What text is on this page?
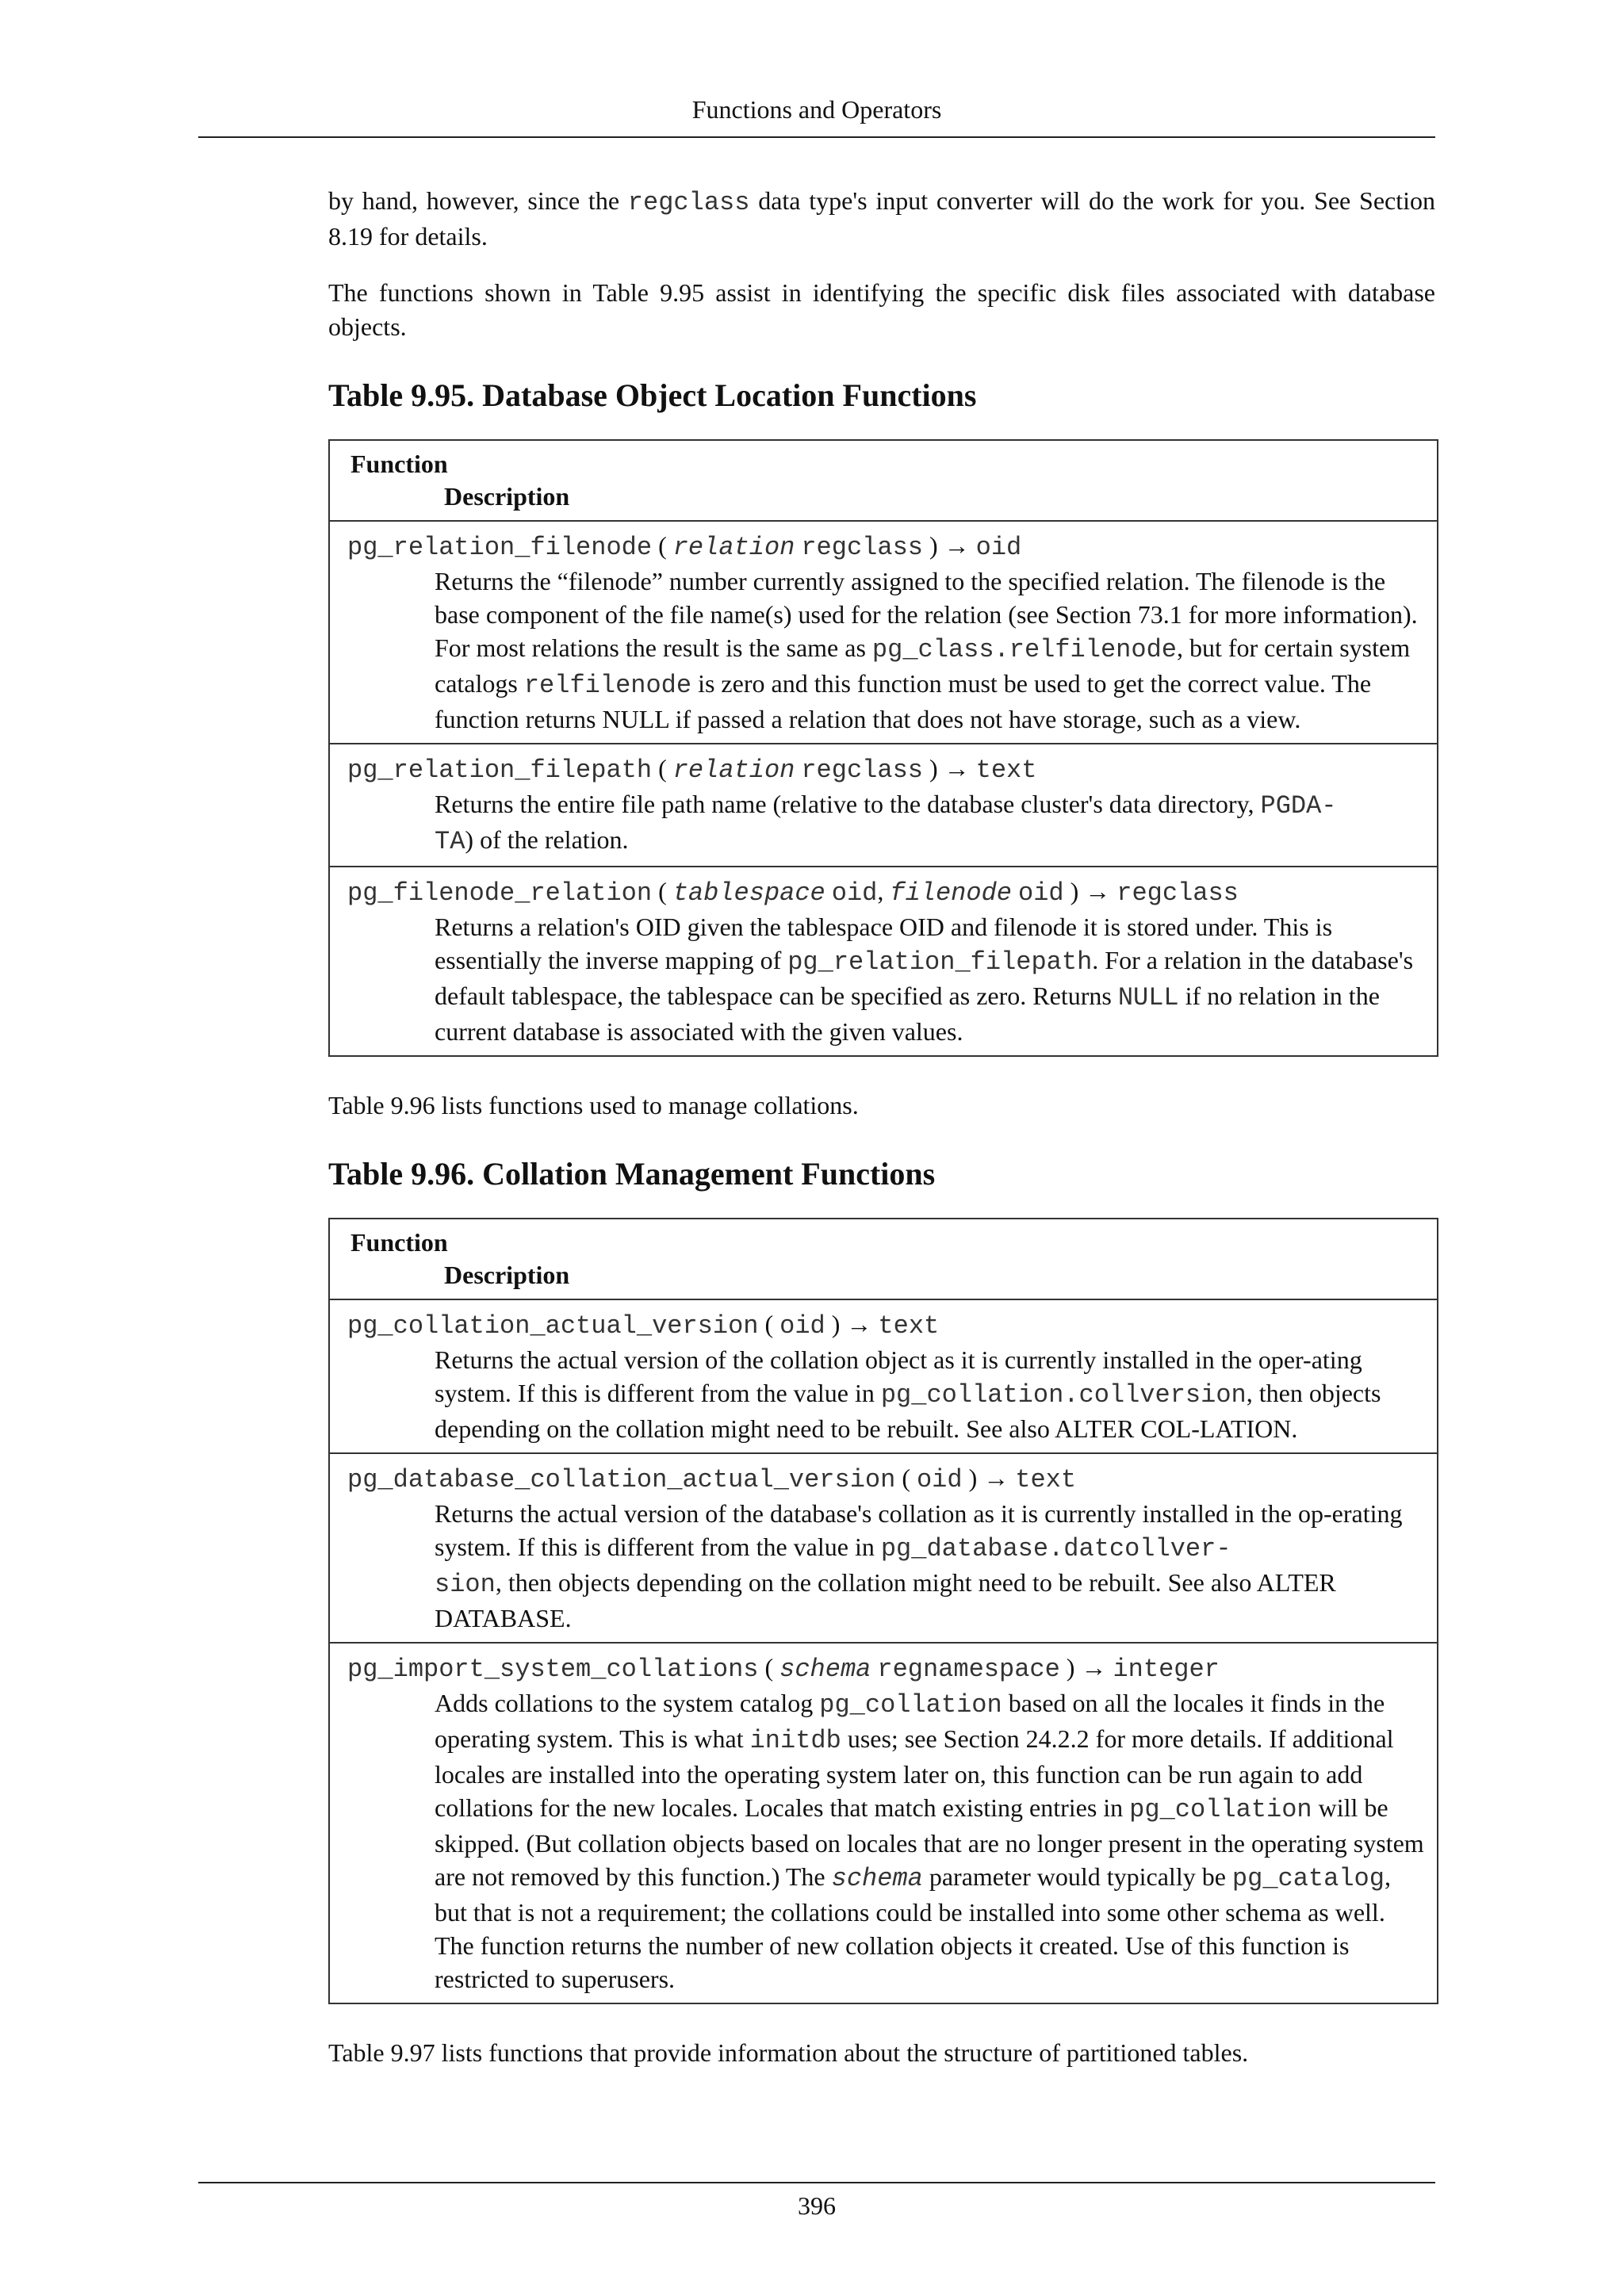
Functions and Operators

by hand, however, since the regclass data type's input converter will do the work for you. See Section 8.19 for details.

The functions shown in Table 9.95 assist in identifying the specific disk files associated with database objects.

Table 9.95. Database Object Location Functions
Function
Description

pg_relation_filenode ( relation regclass ) → oid
Returns the “filenode” number currently assigned to the specified relation. The filenode is the base component of the file name(s) used for the relation (see Section 73.1 for more information). For most relations the result is the same as pg_class.relfilenode, but for certain system catalogs relfilenode is zero and this function must be used to get the correct value. The function returns NULL if passed a relation that does not have storage, such as a view.

pg_relation_filepath ( relation regclass ) → text
Returns the entire file path name (relative to the database cluster's data directory, PGDA-
TA) of the relation.

pg_filenode_relation ( tablespace oid, filenode oid ) → regclass
Returns a relation's OID given the tablespace OID and filenode it is stored under. This is essentially the inverse mapping of pg_relation_filepath. For a relation in the database's default tablespace, the tablespace can be specified as zero. Returns NULL if no relation in the current database is associated with the given values.

Table 9.96 lists functions used to manage collations.

Table 9.96. Collation Management Functions
Function
Description

pg_collation_actual_version ( oid ) → text
Returns the actual version of the collation object as it is currently installed in the oper-ating system. If this is different from the value in pg_collation.collversion, then objects depending on the collation might need to be rebuilt. See also ALTER COL-LATION.

pg_database_collation_actual_version ( oid ) → text
Returns the actual version of the database's collation as it is currently installed in the op-erating system. If this is different from the value in pg_database.datcollver-
sion, then objects depending on the collation might need to be rebuilt. See also ALTER DATABASE.

pg_import_system_collations ( schema regnamespace ) → integer
Adds collations to the system catalog pg_collation based on all the locales it finds in the operating system. This is what initdb uses; see Section 24.2.2 for more details. If additional locales are installed into the operating system later on, this function can be run again to add collations for the new locales. Locales that match existing entries in pg_collation will be skipped. (But collation objects based on locales that are no longer present in the operating system are not removed by this function.) The schema parameter would typically be pg_catalog, but that is not a requirement; the collations could be installed into some other schema as well. The function returns the number of new collation objects it created. Use of this function is restricted to superusers.

Table 9.97 lists functions that provide information about the structure of partitioned tables.

396
